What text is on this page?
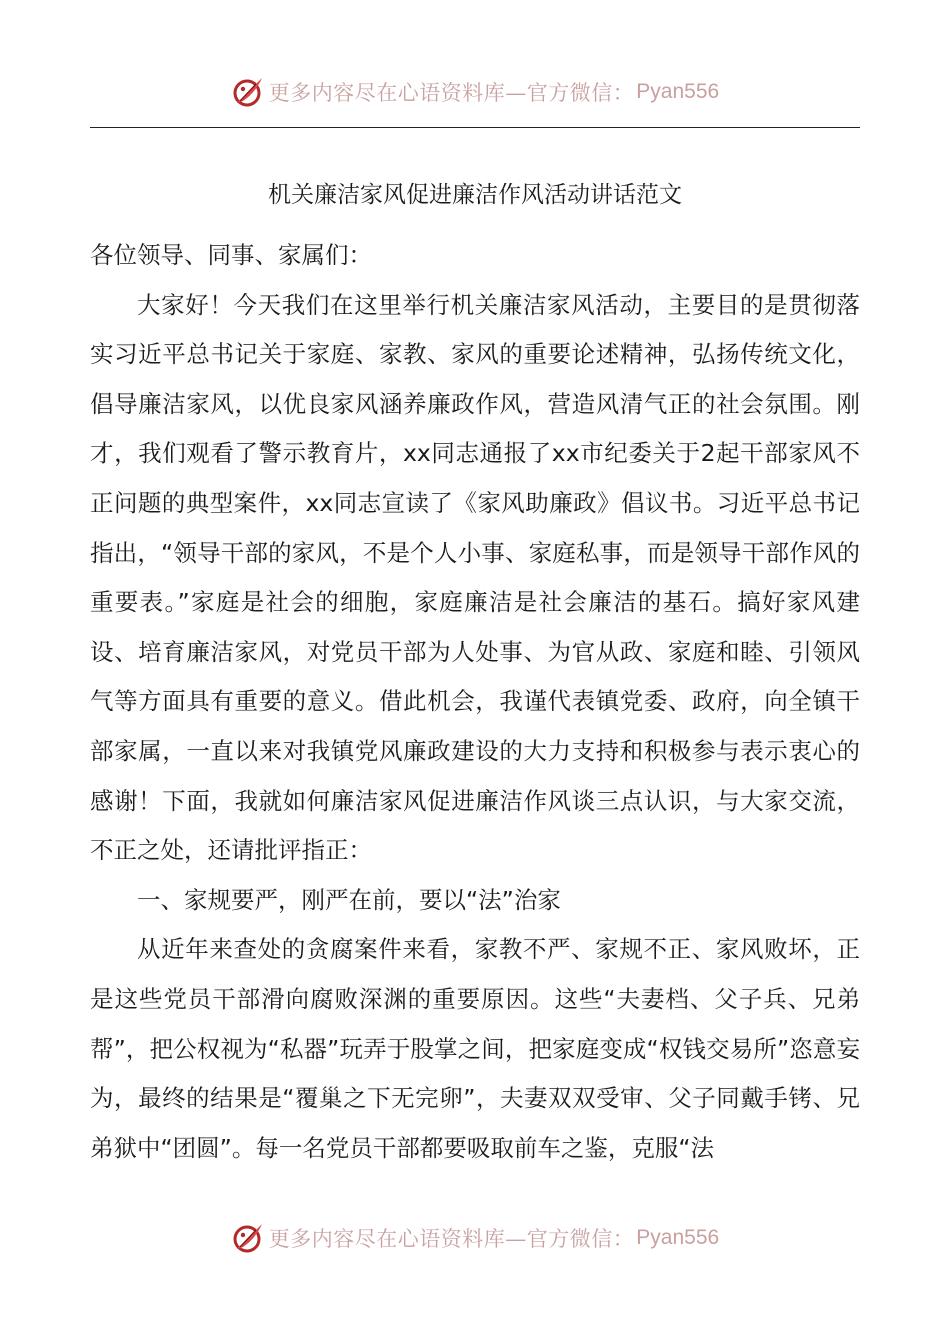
更多内容尽在心语资料库—官方微信： Pyan556
机关廉洁家风促进廉洁作风活动讲话范文

各位领导、同事、家属们：

大家好！今天我们在这里举行机关廉洁家风活动，主要目的是贯彻落实习近平总书记关于家庭、家教、家风的重要论述精神，弘扬传统文化，倡导廉洁家风，以优良家风涵养廉政作风，营造风清气正的社会氛围。刚才，我们观看了警示教育片，xx同志通报了xx市纪委关于2起干部家风不正问题的典型案件，xx同志宣读了《家风助廉政》倡议书。习近平总书记指出，“领导干部的家风，不是个人小事、家庭私事，而是领导干部作风的重要表。”家庭是社会的细胞，家庭廉洁是社会廉洁的基石。搞好家风建设、培育廉洁家风，对党员干部为人处事、为官从政、家庭和睦、引领风气等方面具有重要的意义。借此机会，我谨代表镇党委、政府，向全镇干部家属，一直以来对我镇党风廉政建设的大力支持和积极参与表示衷心的感谢！下面，我就如何廉洁家风促进廉洁作风谈三点认识，与大家交流，不正之处，还请批评指正：

一、家规要严，刚严在前，要以“法”治家

从近年来查处的贪腐案件来看，家教不严、家规不正、家风败坏，正是这些党员干部滑向腐败深渊的重要原因。这些“夫妻档、父子兵、兄弟帮”，把公权视为“私器”玩弄于股掌之间，把家庭变成“权钱交易所”恣意妄为，最终的结果是“覆巢之下无完卵”，夫妻双双受审、父子同戴手铐、兄弟狱中“团圆”。每一名党员干部都要吸取前车之鉴，克服“法

更多内容尽在心语资料库—官方微信： Pyan556
